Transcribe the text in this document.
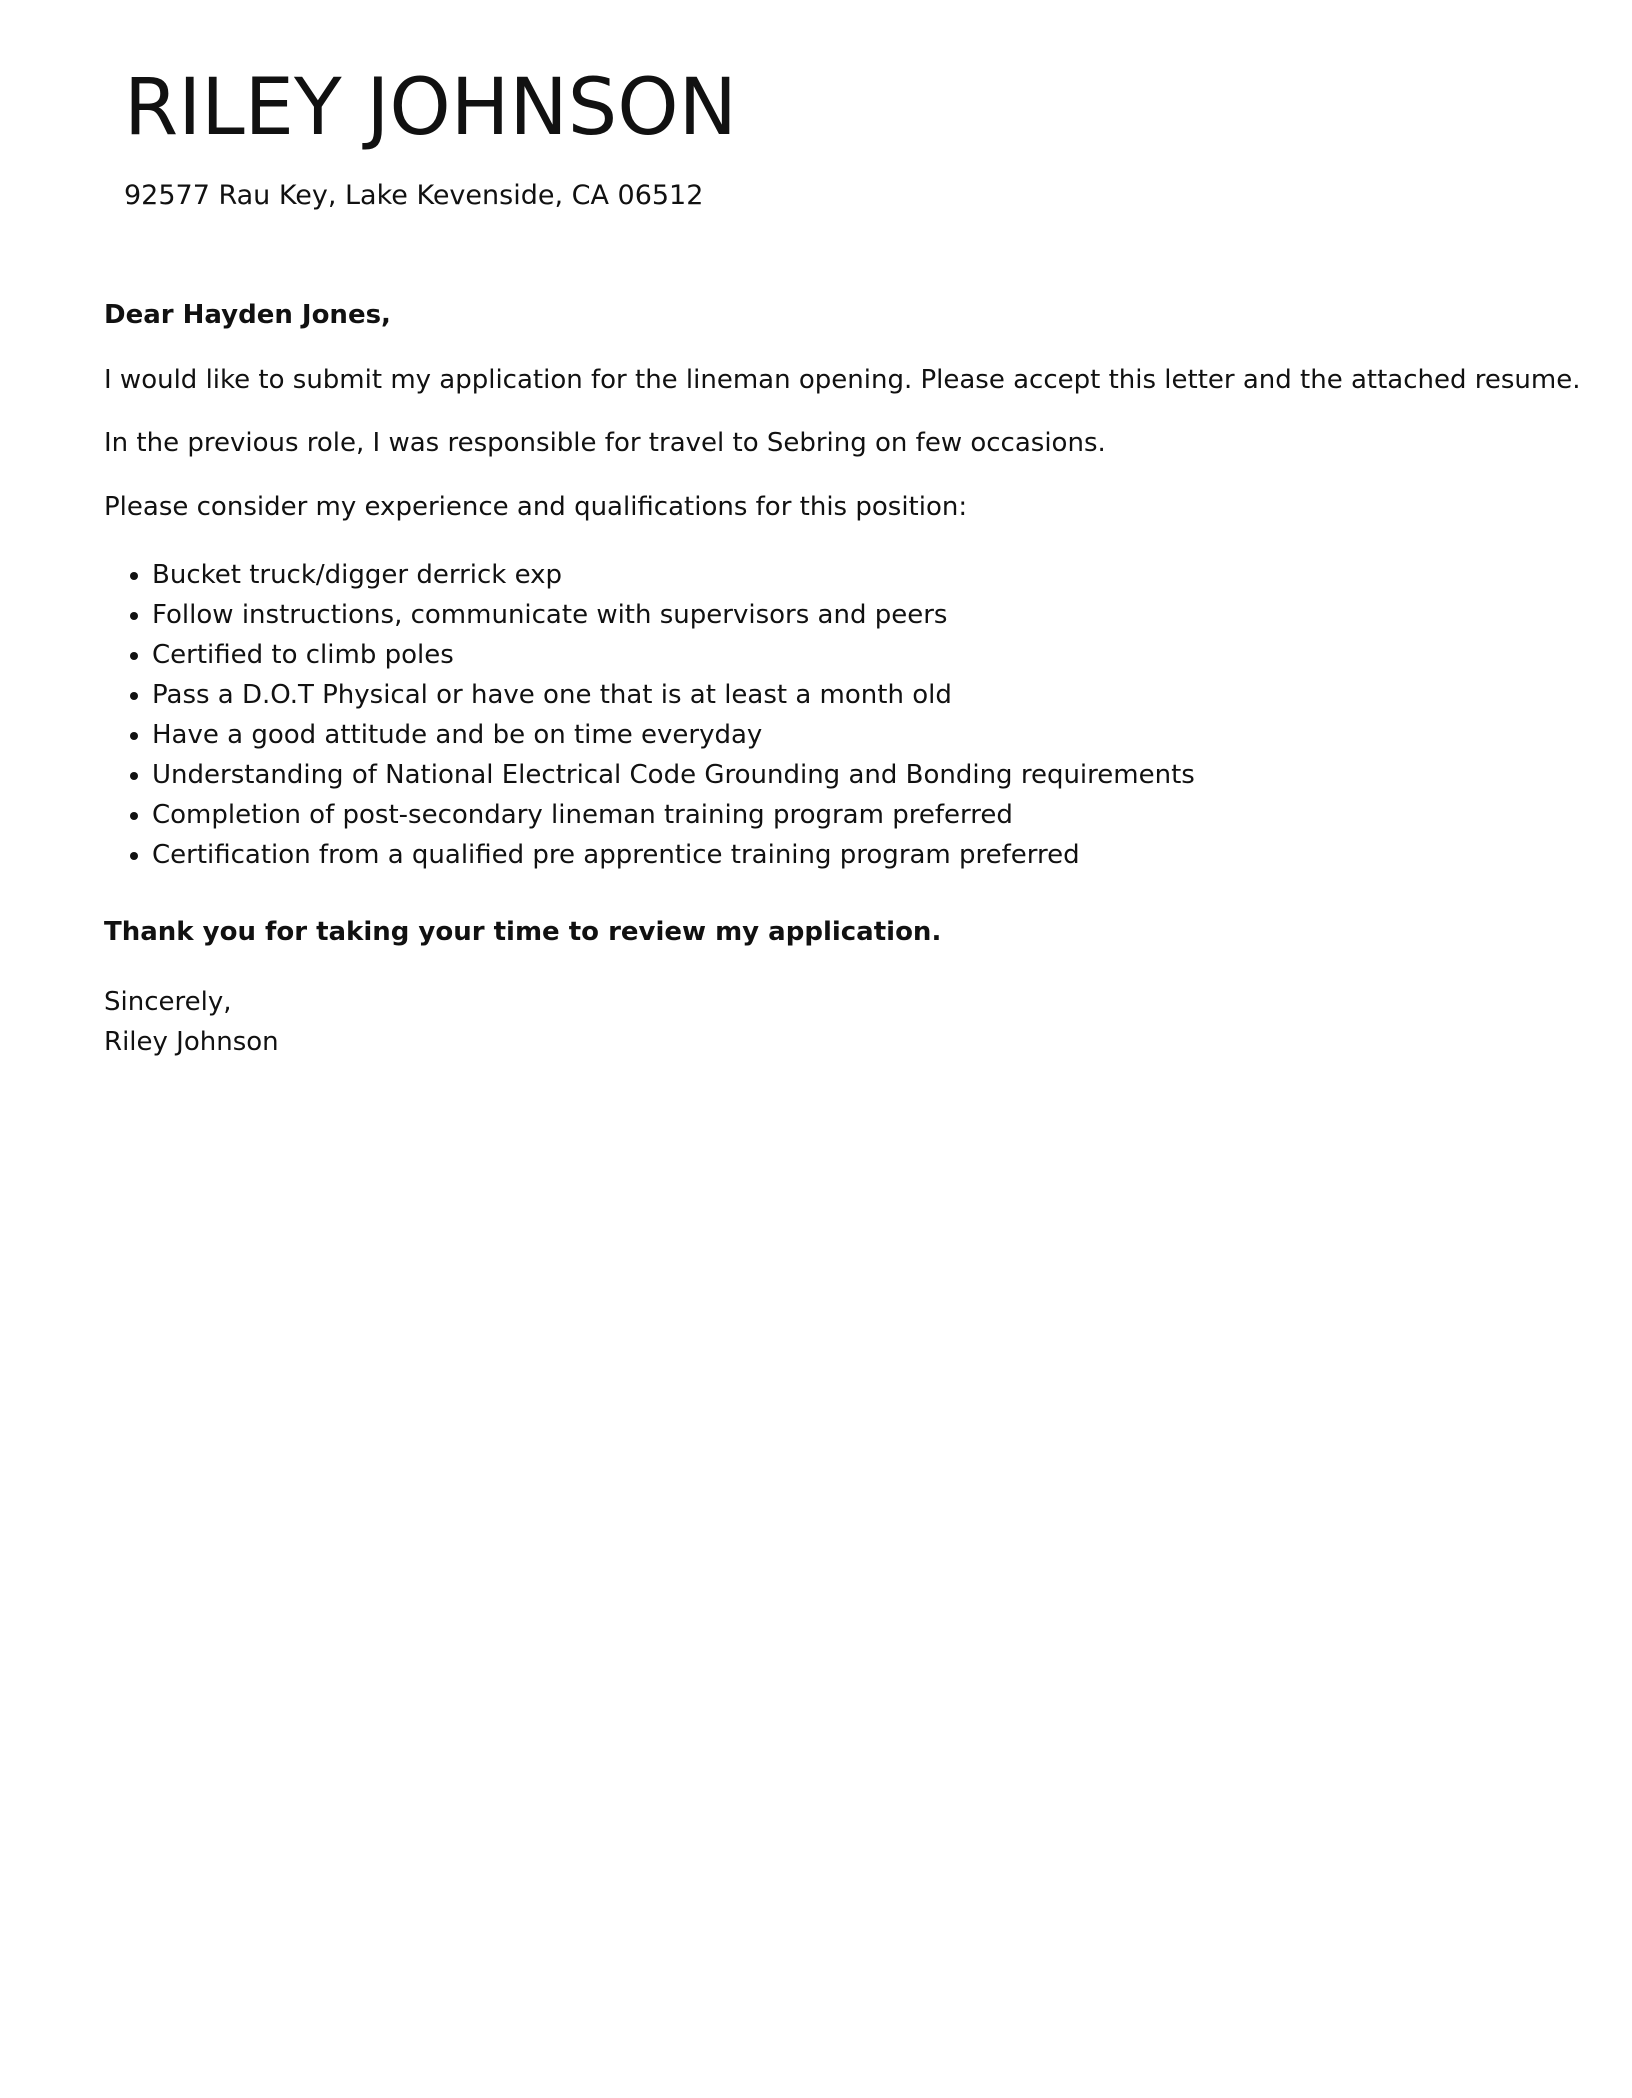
RILEY JOHNSON
92577 Rau Key, Lake Kevenside, CA 06512

Dear Hayden Jones,

I would like to submit my application for the lineman opening. Please accept this letter and the attached resume.

In the previous role, I was responsible for travel to Sebring on few occasions.

Please consider my experience and qualifications for this position:

• Bucket truck/digger derrick exp
• Follow instructions, communicate with supervisors and peers
• Certified to climb poles
• Pass a D.O.T Physical or have one that is at least a month old
• Have a good attitude and be on time everyday
• Understanding of National Electrical Code Grounding and Bonding requirements
• Completion of post-secondary lineman training program preferred
• Certification from a qualified pre apprentice training program preferred

Thank you for taking your time to review my application.

Sincerely,
Riley Johnson
